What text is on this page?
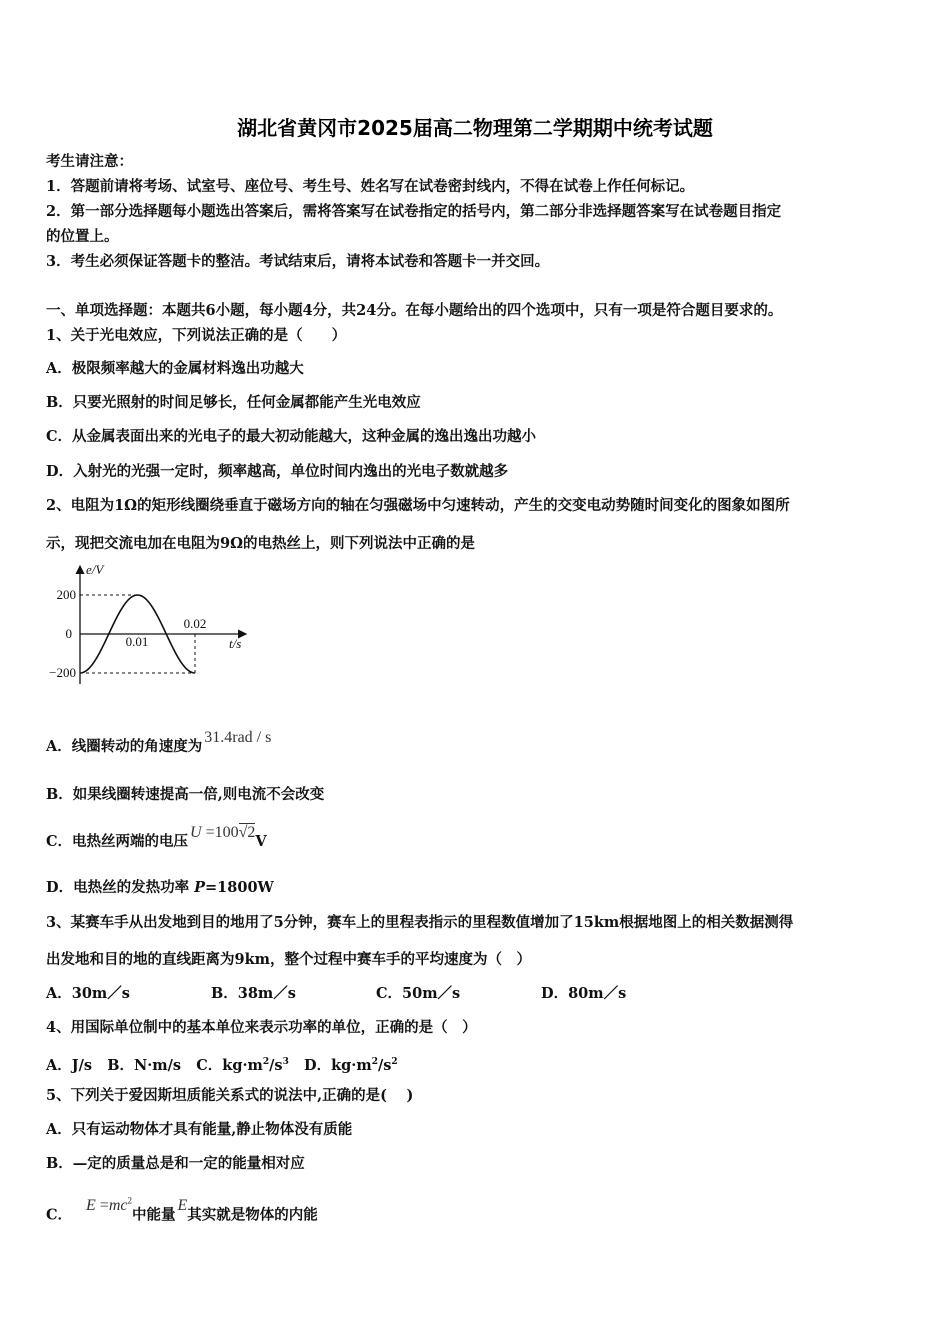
湖北省黄冈市2025届高二物理第二学期期中统考试题
考生请注意：
1．答题前请将考场、试室号、座位号、考生号、姓名写在试卷密封线内，不得在试卷上作任何标记。
2．第一部分选择题每小题选出答案后，需将答案写在试卷指定的括号内，第二部分非选择题答案写在试卷题目指定
的位置上。
3．考生必须保证答题卡的整洁。考试结束后，请将本试卷和答题卡一并交回。
一、单项选择题：本题共6小题，每小题4分，共24分。在每小题给出的四个选项中，只有一项是符合题目要求的。
1、关于光电效应，下列说法正确的是（　　）
A．极限频率越大的金属材料逸出功越大
B．只要光照射的时间足够长，任何金属都能产生光电效应
C．从金属表面出来的光电子的最大初动能越大，这种金属的逸出逸出功越小
D．入射光的光强一定时，频率越高，单位时间内逸出的光电子数就越多
2、电阻为1Ω的矩形线圈绕垂直于磁场方向的轴在匀强磁场中匀速转动，产生的交变电动势随时间变化的图象如图所
示，现把交流电加在电阻为9Ω的电热丝上，则下列说法中正确的是
e/V
t/s
200
0
−200
0.01
0.02
A．线圈转动的角速度为31.4rad / s
B．如果线圈转速提高一倍,则电流不会改变
C．电热丝两端的电压U =100√2V
D．电热丝的发热功率 P=1800W
3、某赛车手从出发地到目的地用了5分钟，赛车上的里程表指示的里程数值增加了15km根据地图上的相关数据测得
出发地和目的地的直线距离为9km，整个过程中赛车手的平均速度为（　）
A．30m／s	B．38m／s	C．50m／s	D．80m／s
4、用国际单位制中的基本单位来表示功率的单位，正确的是（　）
A．J/s B．N·m/s C．$kg\cdot m^2/s^3$ D．$kg\cdot m^2/s^2$
5、下列关于爱因斯坦质能关系式的说法中,正确的是(　 )
A．只有运动物体才具有能量,静止物体没有质能
B．—定的质量总是和一定的能量相对应
C．$E =mc^2$中能量E其实就是物体的内能
